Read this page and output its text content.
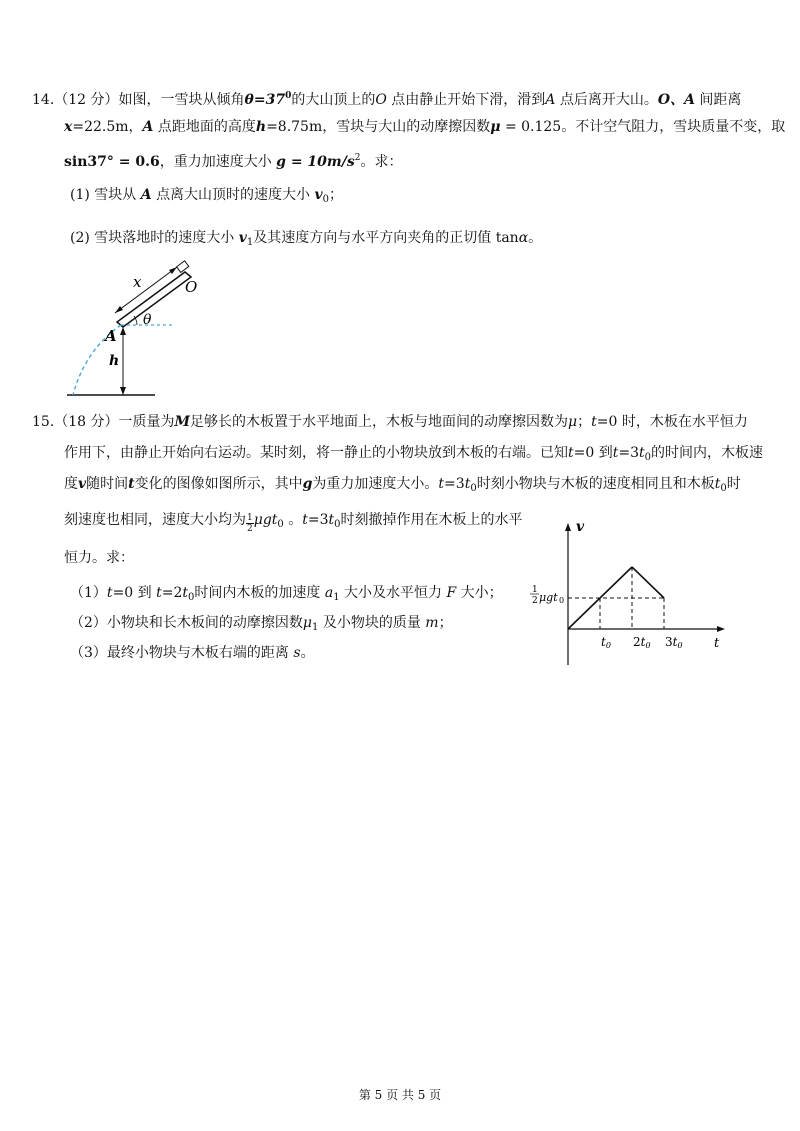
14.（12 分）如图，一雪块从倾角$\theta=37^0$的大山顶上的O 点由静止开始下滑，滑到A 点后离开大山。O、A 间距离
x=22.5m，A 点距地面的高度h=8.75m，雪块与大山的动摩擦因数μ = 0.125。不计空气阻力，雪块质量不变，取
sin37° = 0.6，重力加速度大小 $g = 10m/s^2$。求：
(1) 雪块从 A 点离大山顶时的速度大小 $v_0$；
(2) 雪块落地时的速度大小 $v_1$及其速度方向与水平方向夹角的正切值 tanα。
x	O
θ
A
h
15.（18 分）一质量为M足够长的木板置于水平地面上，木板与地面间的动摩擦因数为μ；t=0 时，木板在水平恒力
作用下，由静止开始向右运动。某时刻，将一静止的小物块放到木板的右端。已知t=0 到$t=3t_0$的时间内，木板速
度v随时间t变化的图像如图所示，其中g为重力加速度大小。$t=3t_0$时刻小物块与木板的速度相同且和木板$t_0$时
刻速度也相同，速度大小均为 $\frac{1}{2} \mu gt_0$ 。$t=3t_0$时刻撤掉作用在木板上的水平
恒力。求：
（1）t=0 到 $t=2t_0$时间内木板的加速度 $a_1$ 大小及水平恒力 F 大小；
（2）小物块和长木板间的动摩擦因数$\mu_1$ 及小物块的质量 m；
（3）最终小物块与木板右端的距离 s。
v
t
1
2 μgt 0
t0 2t0 3t0
第 5 页 共 5 页
